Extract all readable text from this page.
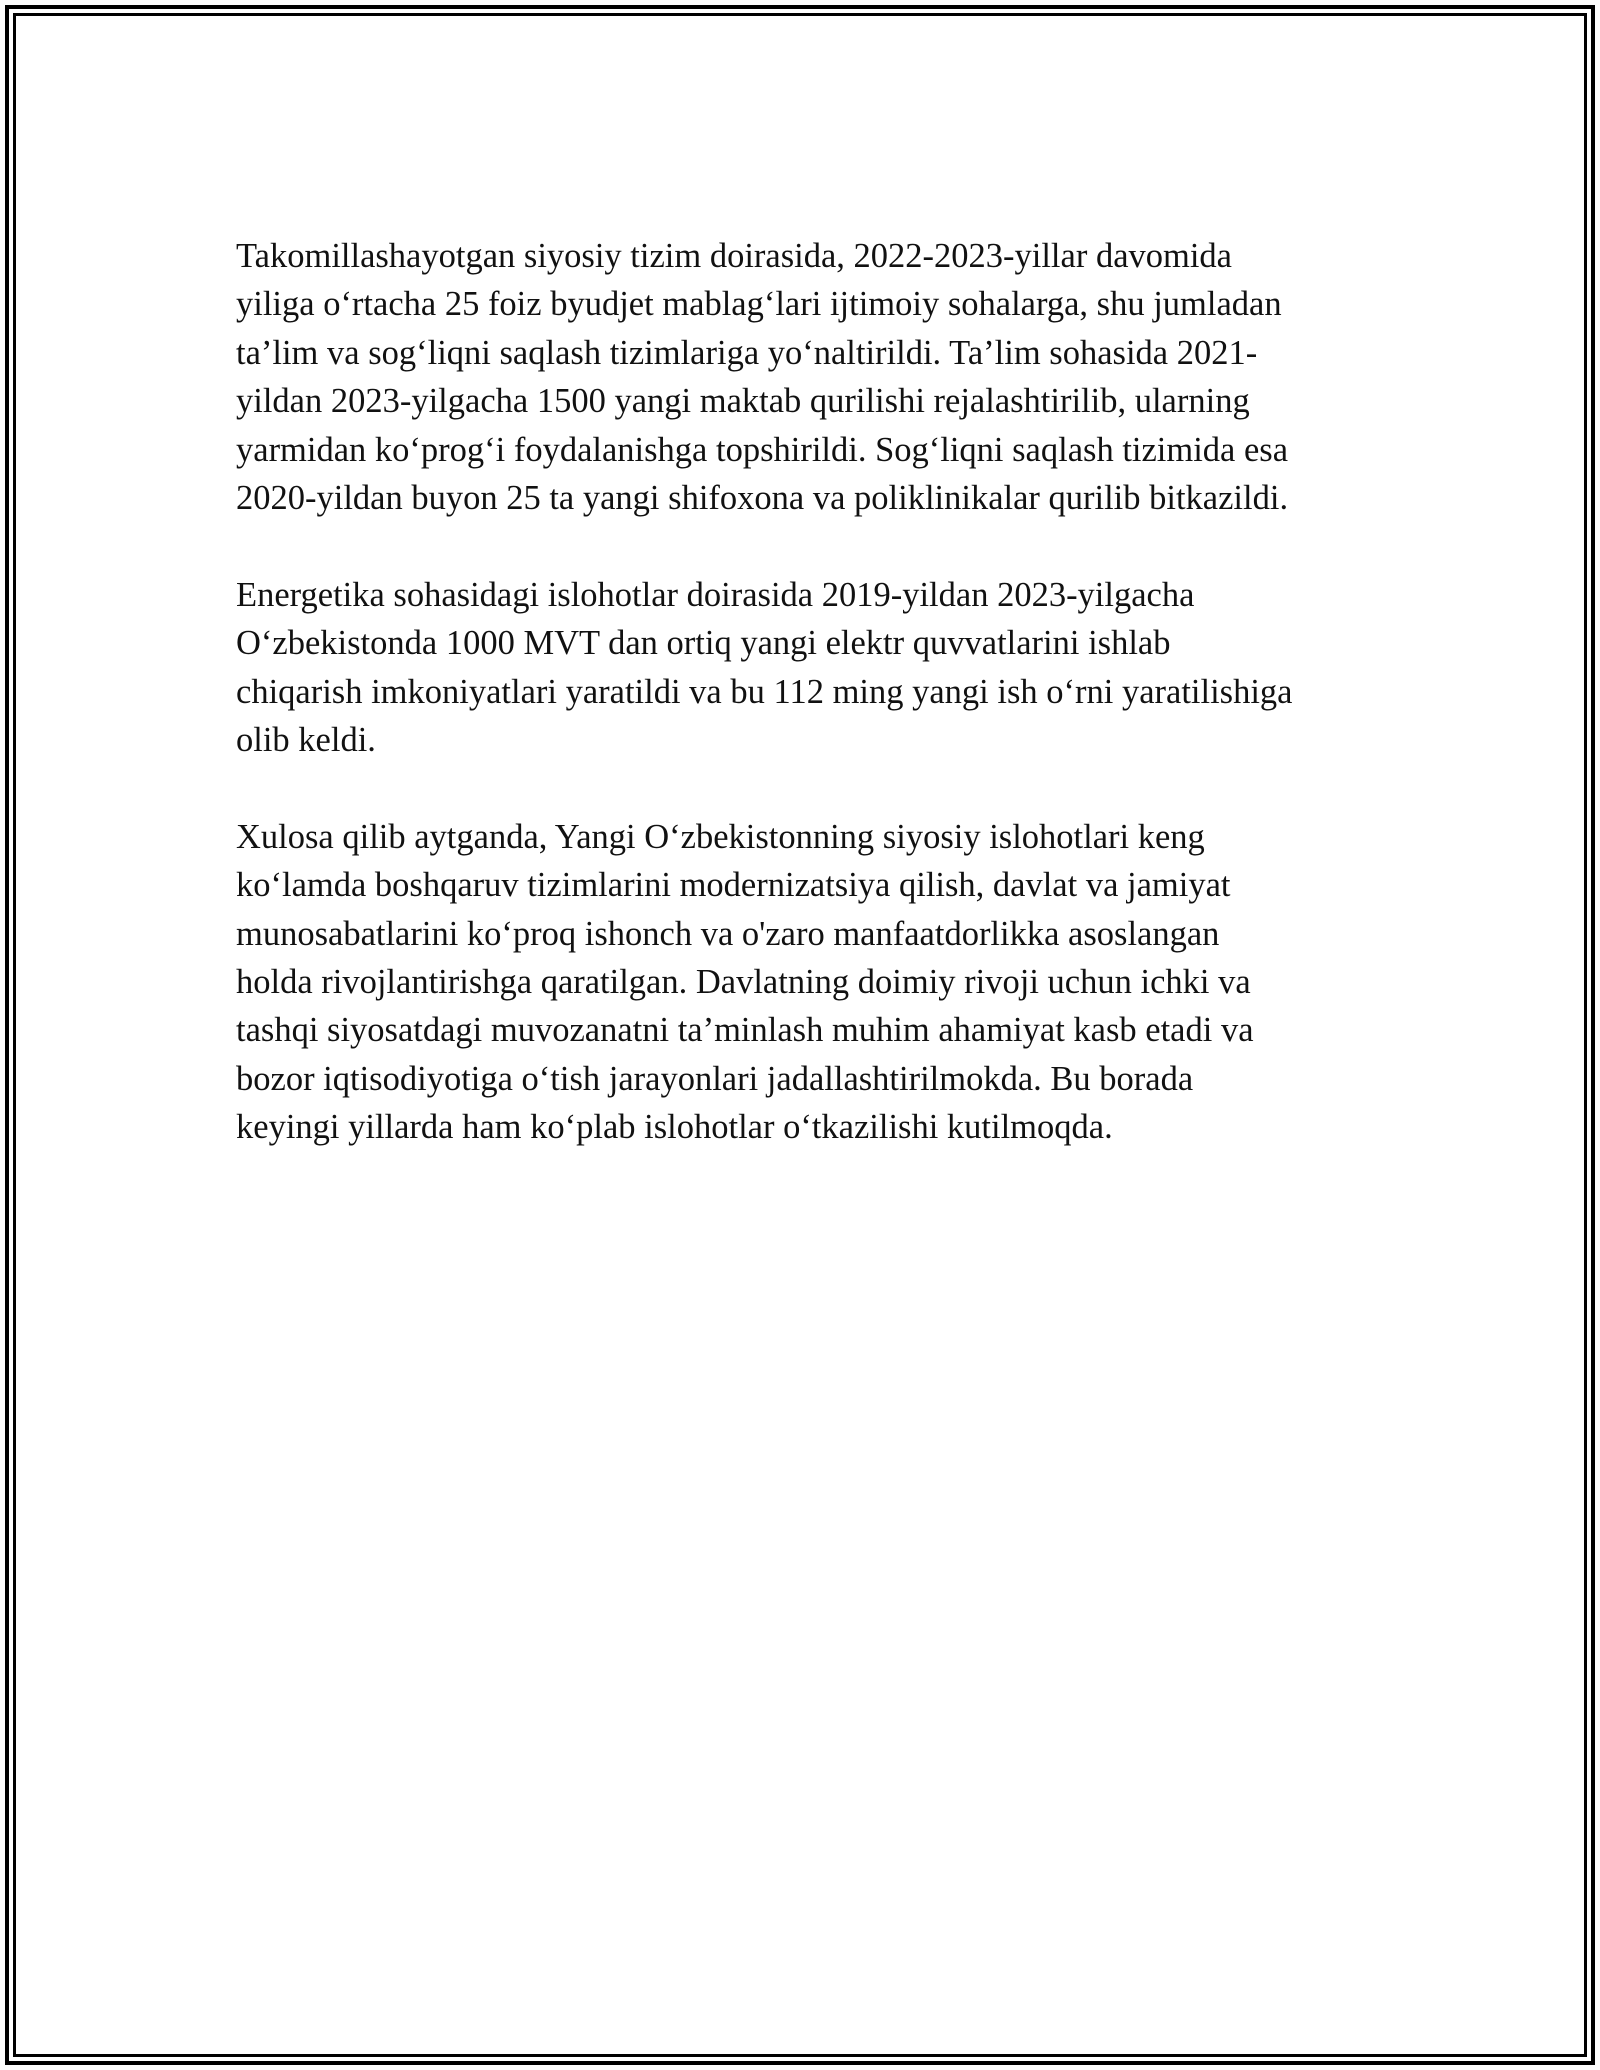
Takomillashayotgan siyosiy tizim doirasida, 2022-2023-yillar davomida
yiliga o‘rtacha 25 foiz byudjet mablag‘lari ijtimoiy sohalarga, shu jumladan
ta’lim va sog‘liqni saqlash tizimlariga yo‘naltirildi. Ta’lim sohasida 2021-
yildan 2023-yilgacha 1500 yangi maktab qurilishi rejalashtirilib, ularning
yarmidan ko‘prog‘i foydalanishga topshirildi. Sog‘liqni saqlash tizimida esa
2020-yildan buyon 25 ta yangi shifoxona va poliklinikalar qurilib bitkazildi.

Energetika sohasidagi islohotlar doirasida 2019-yildan 2023-yilgacha
O‘zbekistonda 1000 MVT dan ortiq yangi elektr quvvatlarini ishlab
chiqarish imkoniyatlari yaratildi va bu 112 ming yangi ish o‘rni yaratilishiga
olib keldi.

Xulosa qilib aytganda, Yangi O‘zbekistonning siyosiy islohotlari keng
ko‘lamda boshqaruv tizimlarini modernizatsiya qilish, davlat va jamiyat
munosabatlarini ko‘proq ishonch va o'zaro manfaatdorlikka asoslangan
holda rivojlantirishga qaratilgan. Davlatning doimiy rivoji uchun ichki va
tashqi siyosatdagi muvozanatni ta’minlash muhim ahamiyat kasb etadi va
bozor iqtisodiyotiga o‘tish jarayonlari jadallashtirilmokda. Bu borada
keyingi yillarda ham ko‘plab islohotlar o‘tkazilishi kutilmoqda.
